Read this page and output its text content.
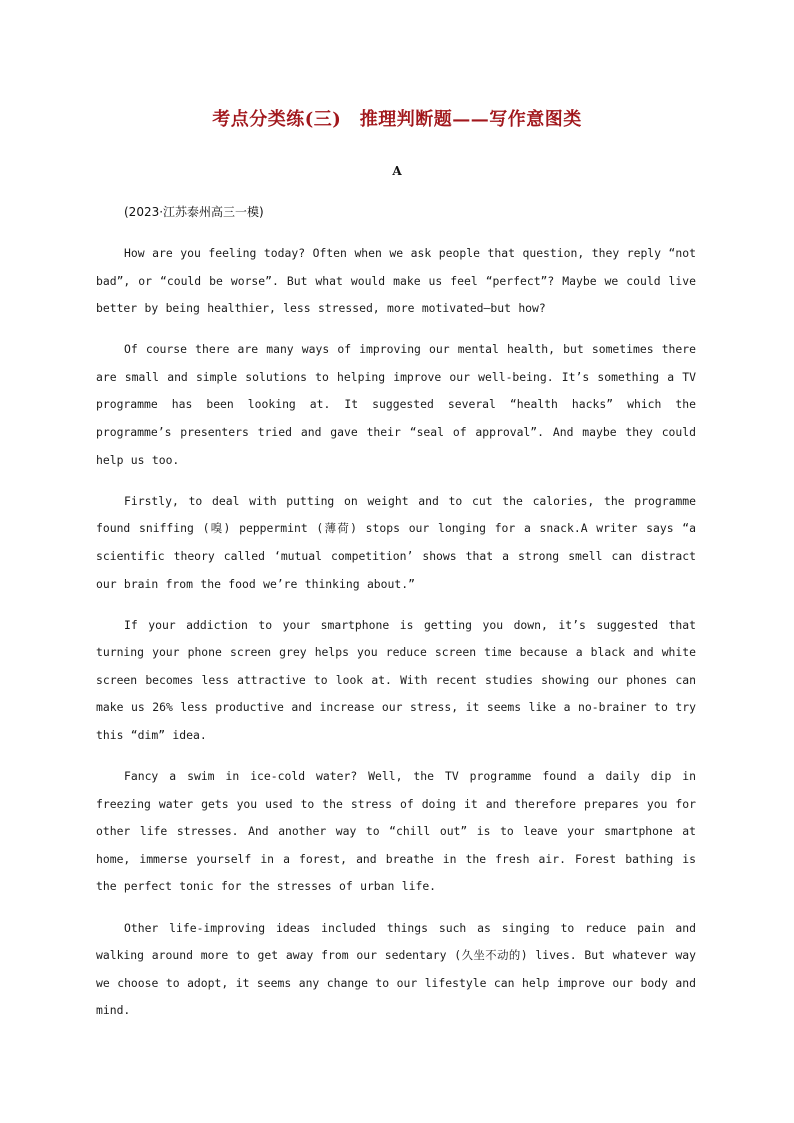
考点分类练(三)　推理判断题——写作意图类
A
(2023·江苏泰州高三一模)

How are you feeling today? Often when we ask people that question, they reply “not bad”, or “could be worse”. But what would make us feel “perfect”? Maybe we could live better by being healthier, less stressed, more motivated—but how?

Of course there are many ways of improving our mental health, but sometimes there are small and simple solutions to helping improve our well-being. It’s something a TV programme has been looking at. It suggested several “health hacks” which the programme’s presenters tried and gave their “seal of approval”. And maybe they could help us too.

Firstly, to deal with putting on weight and to cut the calories, the programme found sniffing (嗅) peppermint (薄荷) stops our longing for a snack.A writer says “a scientific theory called ‘mutual competition’ shows that a strong smell can distract our brain from the food we’re thinking about.”

If your addiction to your smartphone is getting you down, it’s suggested that turning your phone screen grey helps you reduce screen time because a black and white screen becomes less attractive to look at. With recent studies showing our phones can make us 26% less productive and increase our stress, it seems like a no-brainer to try this “dim” idea.

Fancy a swim in ice-cold water? Well, the TV programme found a daily dip in freezing water gets you used to the stress of doing it and therefore prepares you for other life stresses. And another way to “chill out” is to leave your smartphone at home, immerse yourself in a forest, and breathe in the fresh air. Forest bathing is the perfect tonic for the stresses of urban life.

Other life-improving ideas included things such as singing to reduce pain and walking around more to get away from our sedentary (久坐不动的) lives. But whatever way we choose to adopt, it seems any change to our lifestyle can help improve our body and mind.
